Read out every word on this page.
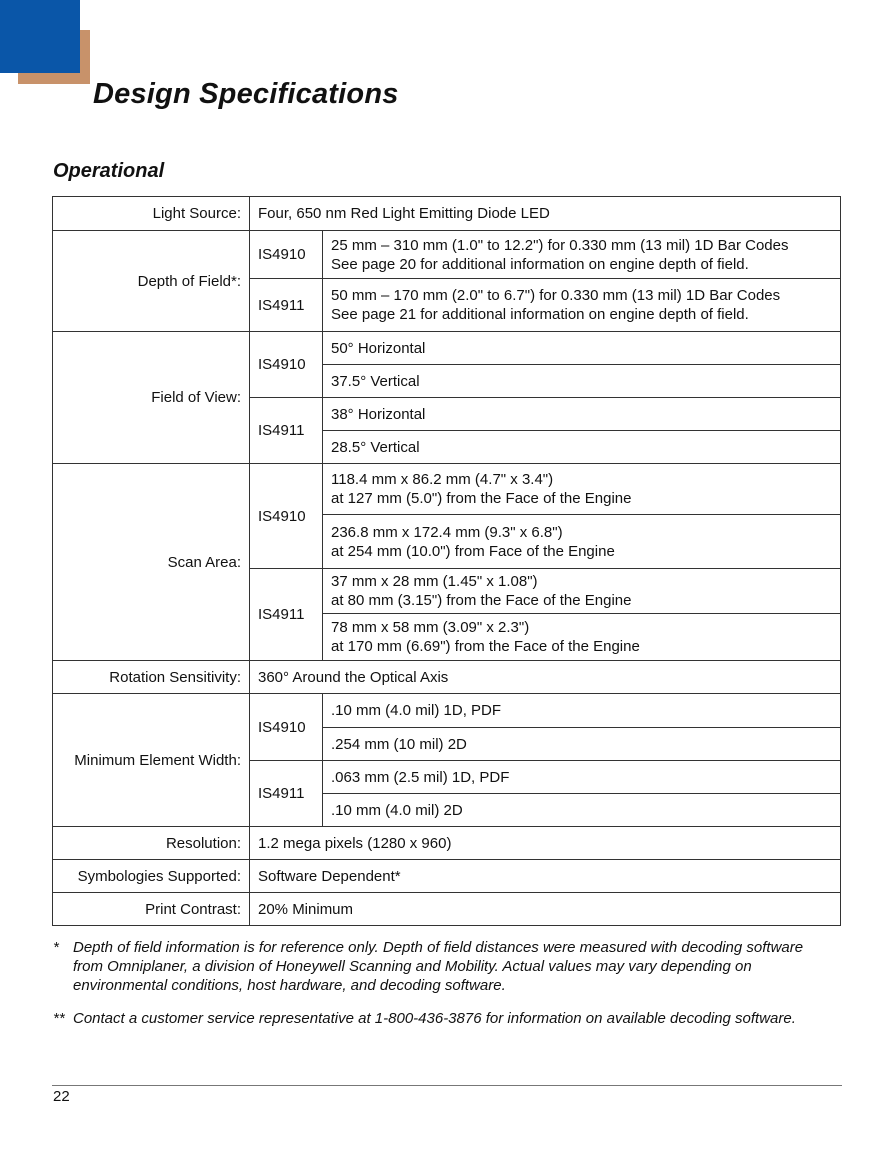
Design Specifications
Operational
Light Source:	Four, 650 nm Red Light Emitting Diode LED	
Depth of Field*:	IS4910	25 mm – 310 mm (1.0" to 12.2") for 0.330 mm (13 mil) 1D Bar Codes
See page 20 for additional information on engine depth of field.

	IS4911	50 mm – 170 mm (2.0" to 6.7") for 0.330 mm (13 mil) 1D Bar Codes
See page 21 for additional information on engine depth of field.

Field of View:	IS4910	50° Horizontal
		37.5° Vertical
	IS4911	38° Horizontal
		28.5° Vertical
Scan Area:	IS4910	118.4 mm x 86.2 mm (4.7" x 3.4")
at 127 mm (5.0") from the Face of the Engine

		236.8 mm x 172.4 mm (9.3" x 6.8")
at 254 mm (10.0") from Face of the Engine

	IS4911	37 mm x 28 mm (1.45" x 1.08")
at 80 mm (3.15") from the Face of the Engine

		78 mm x 58 mm (3.09" x 2.3")
at 170 mm (6.69") from the Face of the Engine

Rotation Sensitivity:	360° Around the Optical Axis	
Minimum Element Width:	IS4910	.10 mm (4.0 mil) 1D, PDF
		.254 mm (10 mil) 2D
	IS4911	.063 mm (2.5 mil) 1D, PDF
		.10 mm (4.0 mil) 2D
Resolution:	1.2 mega pixels (1280 x 960)	
Symbologies Supported:	Software Dependent*	
Print Contrast:	20% Minimum	
* Depth of field information is for reference only. Depth of field distances were measured with decoding software from Omniplaner, a division of Honeywell Scanning and Mobility. Actual values may vary depending on environmental conditions, host hardware, and decoding software.
** Contact a customer service representative at 1-800-436-3876 for information on available decoding software.
22
